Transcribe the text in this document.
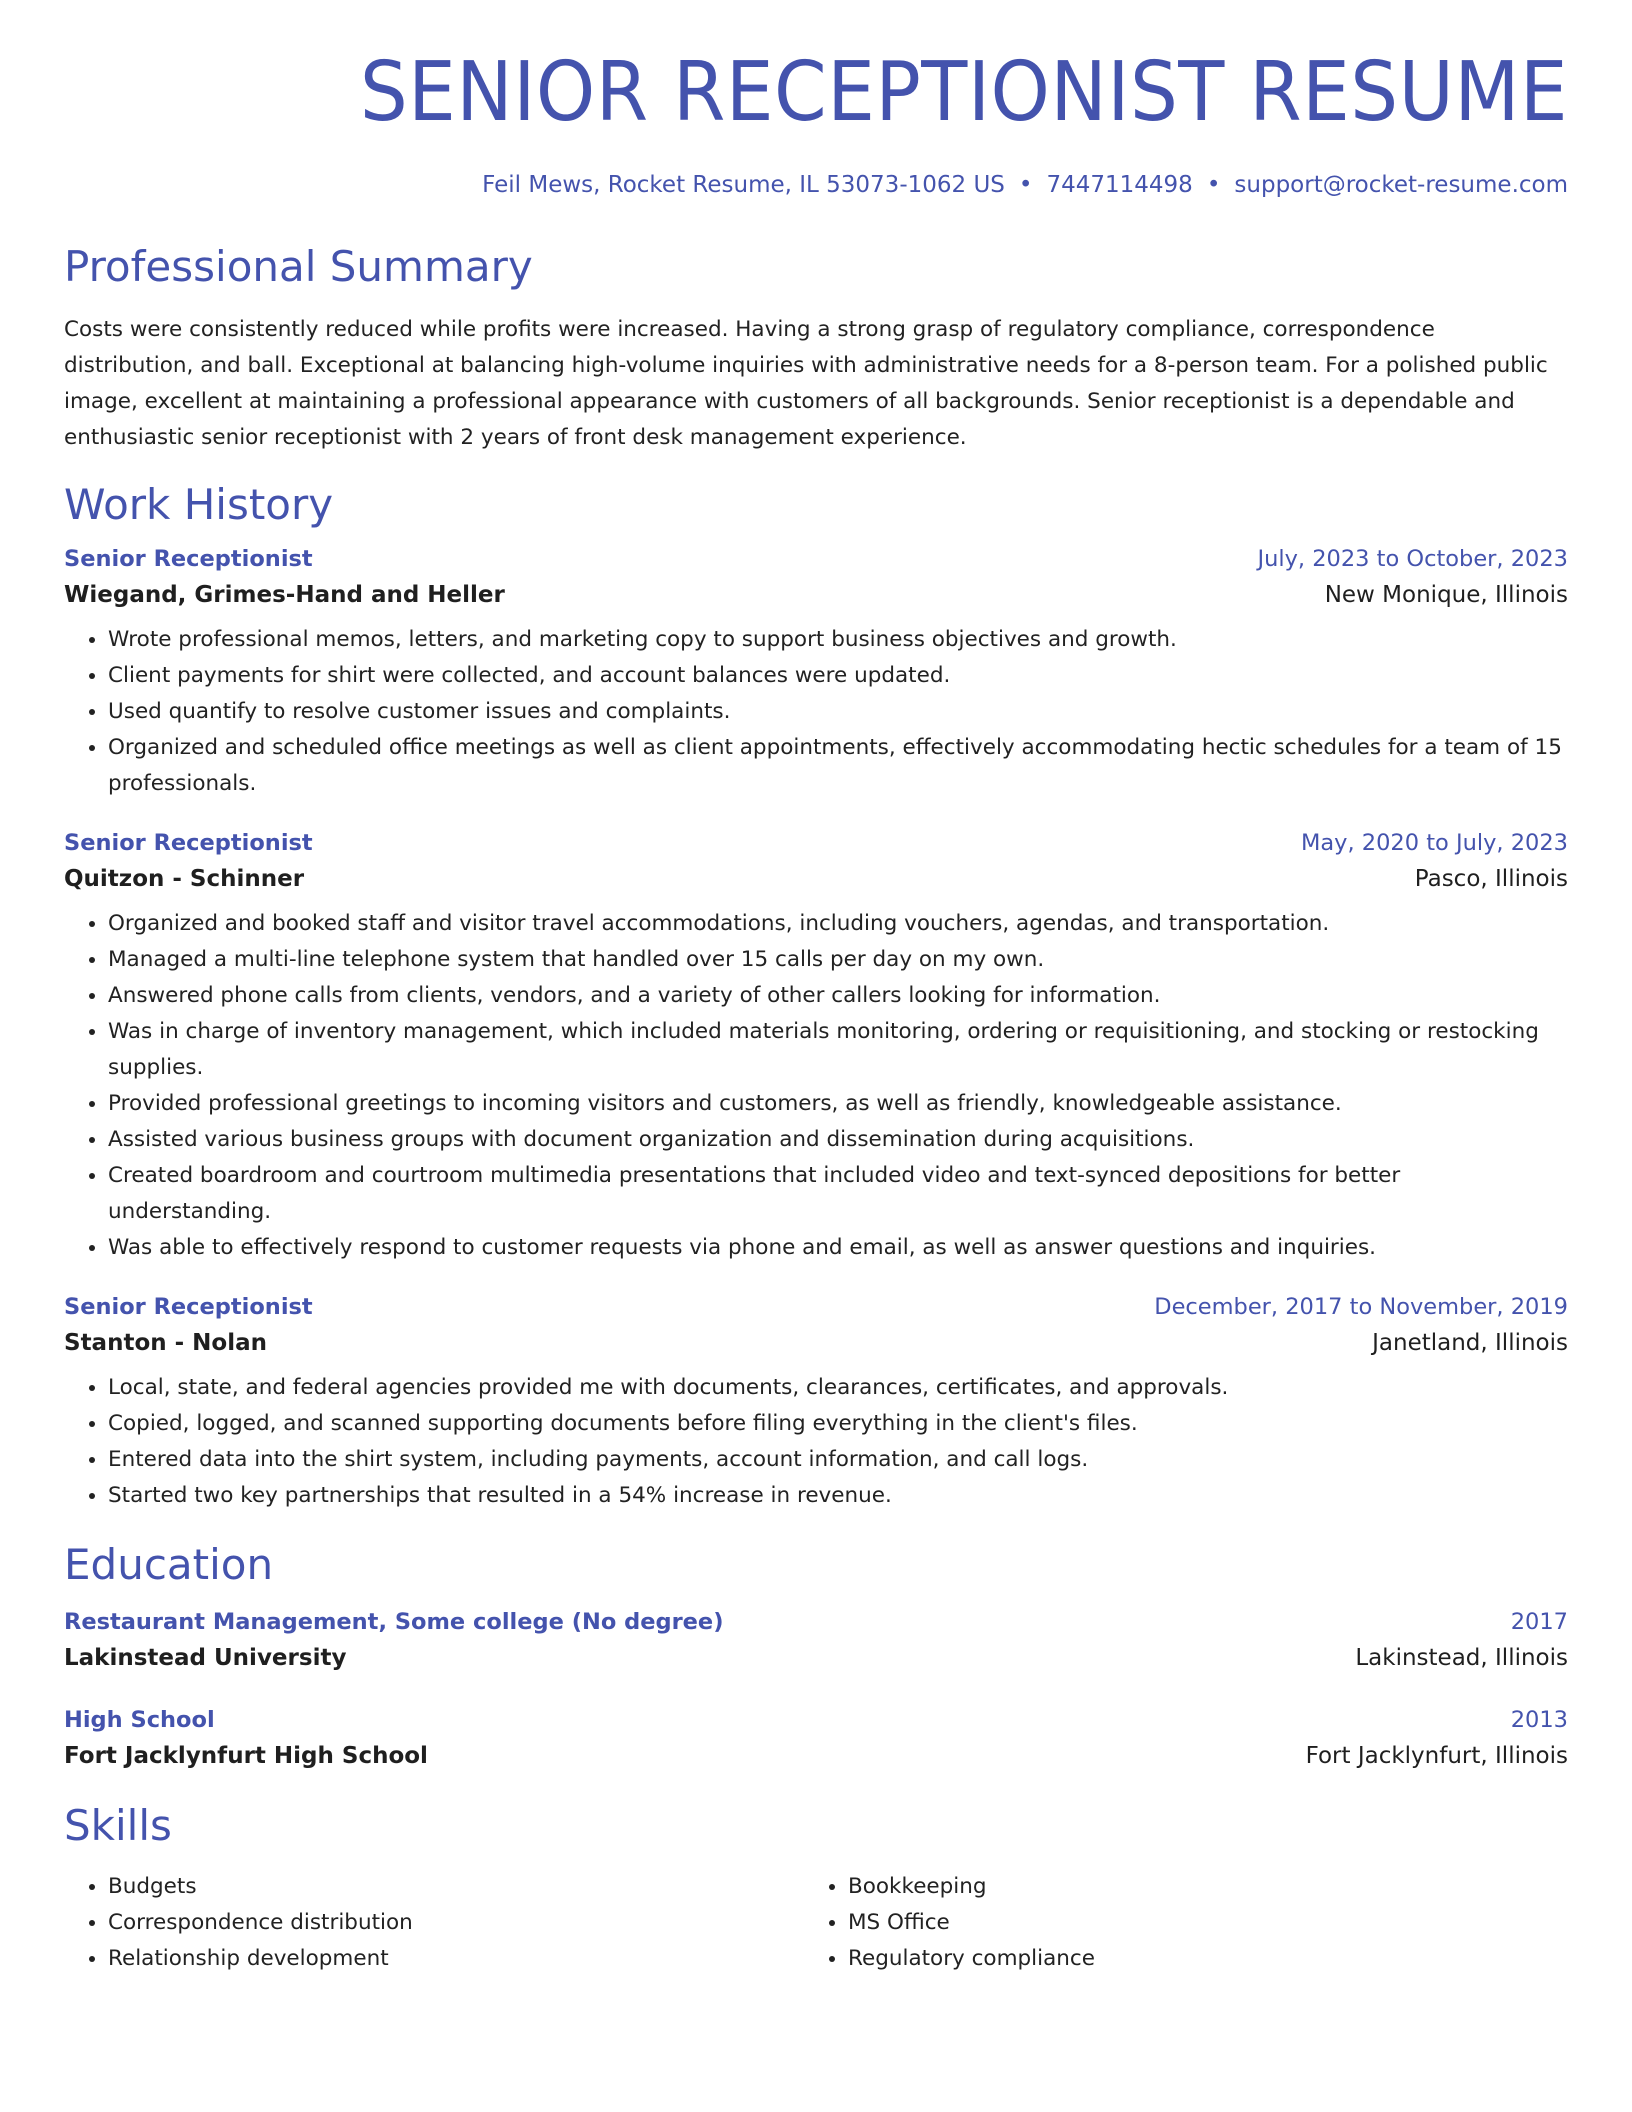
SENIOR RECEPTIONIST RESUME
Feil Mews, Rocket Resume, IL 53073-1062 US • 7447114498 • support@rocket-resume.com
Professional Summary
Costs were consistently reduced while profits were increased. Having a strong grasp of regulatory compliance, correspondence distribution, and ball. Exceptional at balancing high-volume inquiries with administrative needs for a 8-person team. For a polished public image, excellent at maintaining a professional appearance with customers of all backgrounds. Senior receptionist is a dependable and enthusiastic senior receptionist with 2 years of front desk management experience.
Work History
Senior Receptionist	July, 2023 to October, 2023
Wiegand, Grimes-Hand and Heller	New Monique, Illinois
• Wrote professional memos, letters, and marketing copy to support business objectives and growth.
• Client payments for shirt were collected, and account balances were updated.
• Used quantify to resolve customer issues and complaints.
• Organized and scheduled office meetings as well as client appointments, effectively accommodating hectic schedules for a team of 15 professionals.
Senior Receptionist	May, 2020 to July, 2023
Quitzon - Schinner	Pasco, Illinois
• Organized and booked staff and visitor travel accommodations, including vouchers, agendas, and transportation.
• Managed a multi-line telephone system that handled over 15 calls per day on my own.
• Answered phone calls from clients, vendors, and a variety of other callers looking for information.
• Was in charge of inventory management, which included materials monitoring, ordering or requisitioning, and stocking or restocking supplies.
• Provided professional greetings to incoming visitors and customers, as well as friendly, knowledgeable assistance.
• Assisted various business groups with document organization and dissemination during acquisitions.
• Created boardroom and courtroom multimedia presentations that included video and text-synced depositions for better understanding.
• Was able to effectively respond to customer requests via phone and email, as well as answer questions and inquiries.
Senior Receptionist	December, 2017 to November, 2019
Stanton - Nolan	Janetland, Illinois
• Local, state, and federal agencies provided me with documents, clearances, certificates, and approvals.
• Copied, logged, and scanned supporting documents before filing everything in the client's files.
• Entered data into the shirt system, including payments, account information, and call logs.
• Started two key partnerships that resulted in a 54% increase in revenue.
Education
Restaurant Management, Some college (No degree)	2017
Lakinstead University	Lakinstead, Illinois
High School	2013
Fort Jacklynfurt High School	Fort Jacklynfurt, Illinois
Skills
• Budgets
• Correspondence distribution
• Relationship development
• Bookkeeping
• MS Office
• Regulatory compliance
